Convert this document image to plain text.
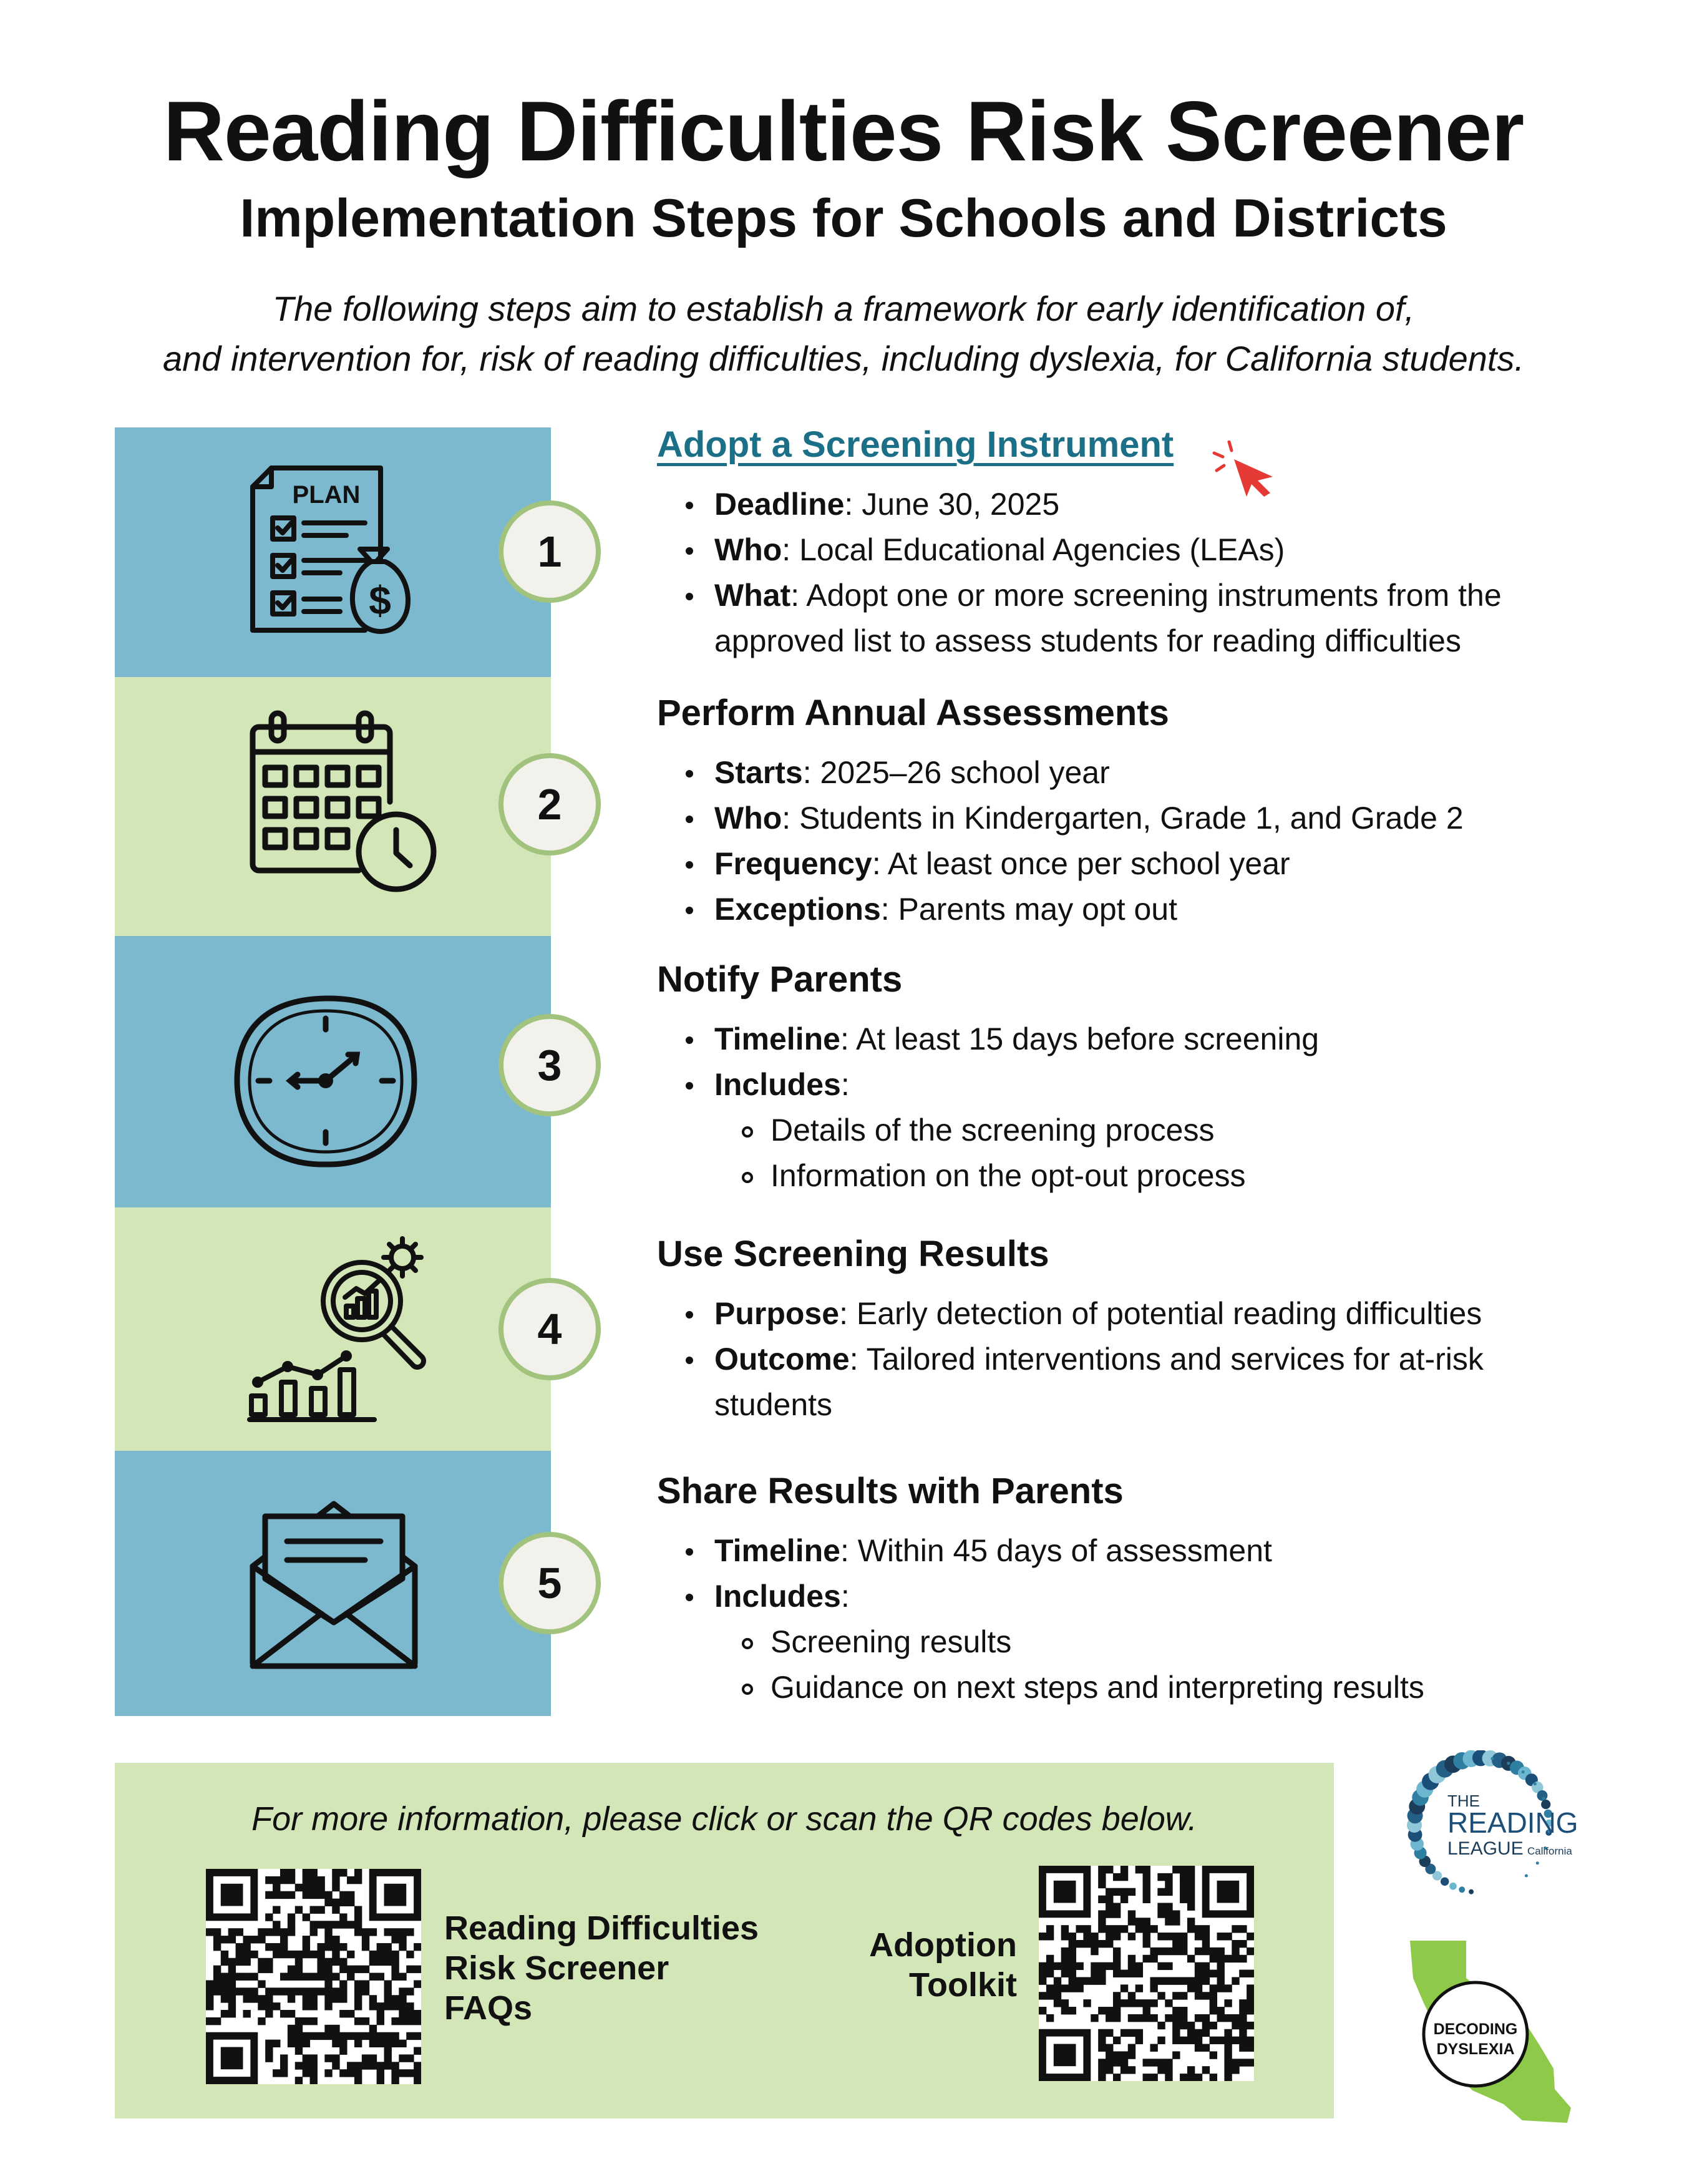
Reading Difficulties Risk Screener
Implementation Steps for Schools and Districts
The following steps aim to establish a framework for early identification of,
and intervention for, risk of reading difficulties, including dyslexia, for California students.
$
PLAN
1
2
3
4
5
Adopt a Screening Instrument
Deadline: June 30, 2025
Who: Local Educational Agencies (LEAs)
What: Adopt one or more screening instruments from the
approved list to assess students for reading difficulties
Perform Annual Assessments
Starts: 2025–26 school year
Who: Students in Kindergarten, Grade 1, and Grade 2
Frequency: At least once per school year
Exceptions: Parents may opt out
Notify Parents
Timeline: At least 15 days before screening
Includes:
Details of the screening process
Information on the opt-out process
Use Screening Results
Purpose: Early detection of potential reading difficulties
Outcome: Tailored interventions and services for at-risk
students
Share Results with Parents
Timeline: Within 45 days of assessment
Includes:
Screening results
Guidance on next steps and interpreting results
For more information, please click or scan the QR codes below.
Reading Difficulties
Risk Screener
FAQs
Adoption
Toolkit
THE
READING
LEAGUE California
DECODING
DYSLEXIA
